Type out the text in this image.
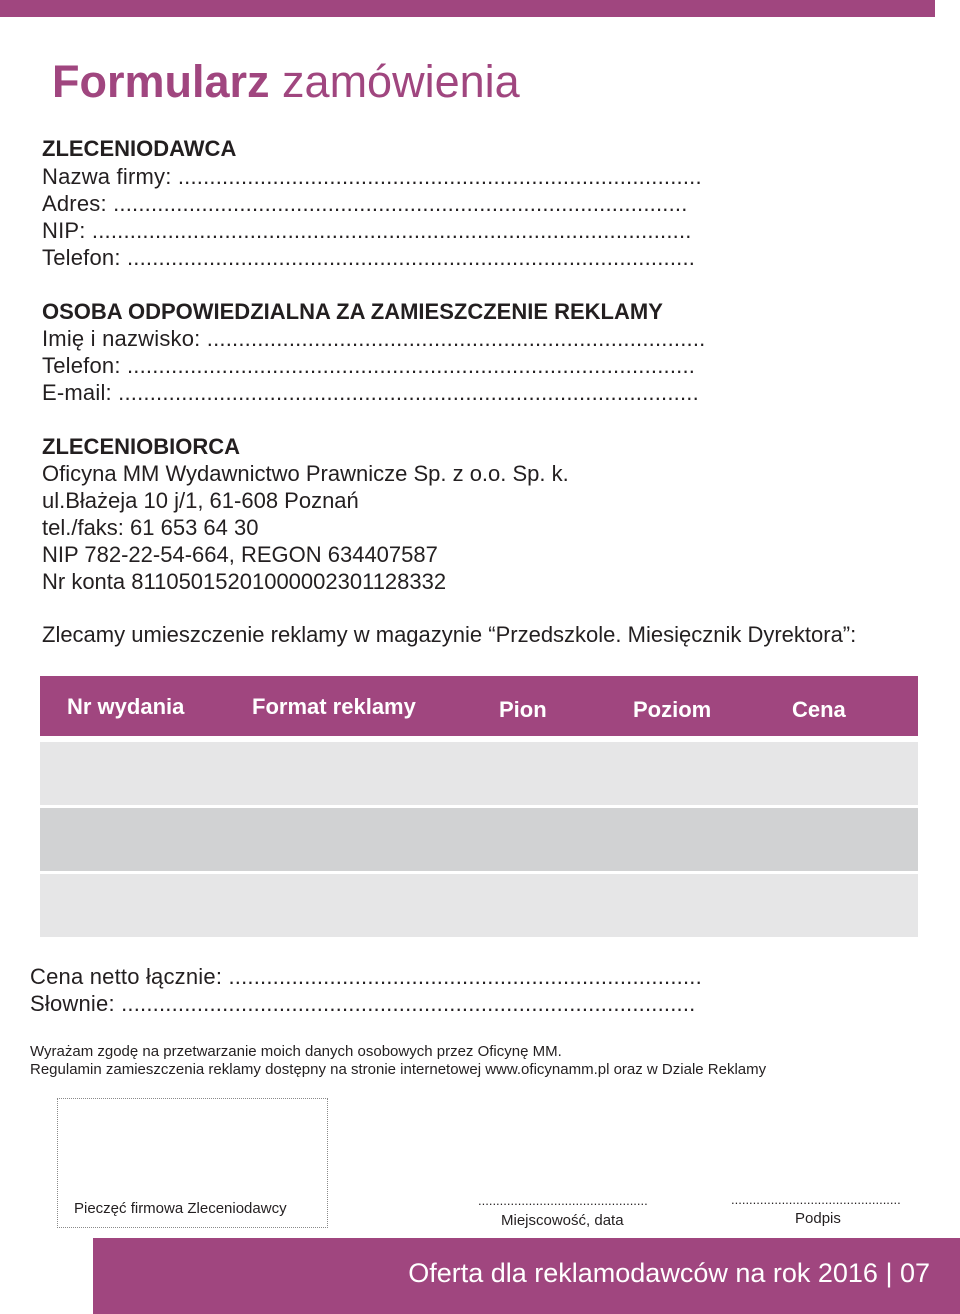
Formularz zamówienia
ZLECENIODAWCA
Nazwa firmy: ...................................................................................
Adres: ...........................................................................................
NIP: ...............................................................................................
Telefon: ..........................................................................................
OSOBA ODPOWIEDZIALNA ZA ZAMIESZCZENIE REKLAMY
Imię i nazwisko: ...............................................................................
Telefon: ..........................................................................................
E-mail: ............................................................................................
ZLECENIOBIORCA
Oficyna MM Wydawnictwo Prawnicze Sp. z o.o. Sp. k.
ul.Błażeja 10 j/1, 61-608 Poznań
tel./faks: 61 653 64 30
NIP 782-22-54-664, REGON 634407587
Nr konta 81105015201000002301128332
Zlecamy umieszczenie reklamy w magazynie “Przedszkole. Miesięcznik Dyrektora”:
Nr wydania	Format reklamy	Pion	Poziom	Cena
Cena netto łącznie: ...........................................................................
Słownie: ...........................................................................................
Wyrażam zgodę na przetwarzanie moich danych osobowych przez Oficynę MM.
Regulamin zamieszczenia reklamy dostępny na stronie internetowej www.oficynamm.pl oraz w Dziale Reklamy
Pieczęć firmowa Zleceniodawcy	...............................................
Miejscowość, data
...............................................
Podpis
Oferta dla reklamodawców na rok 2016 | 07
